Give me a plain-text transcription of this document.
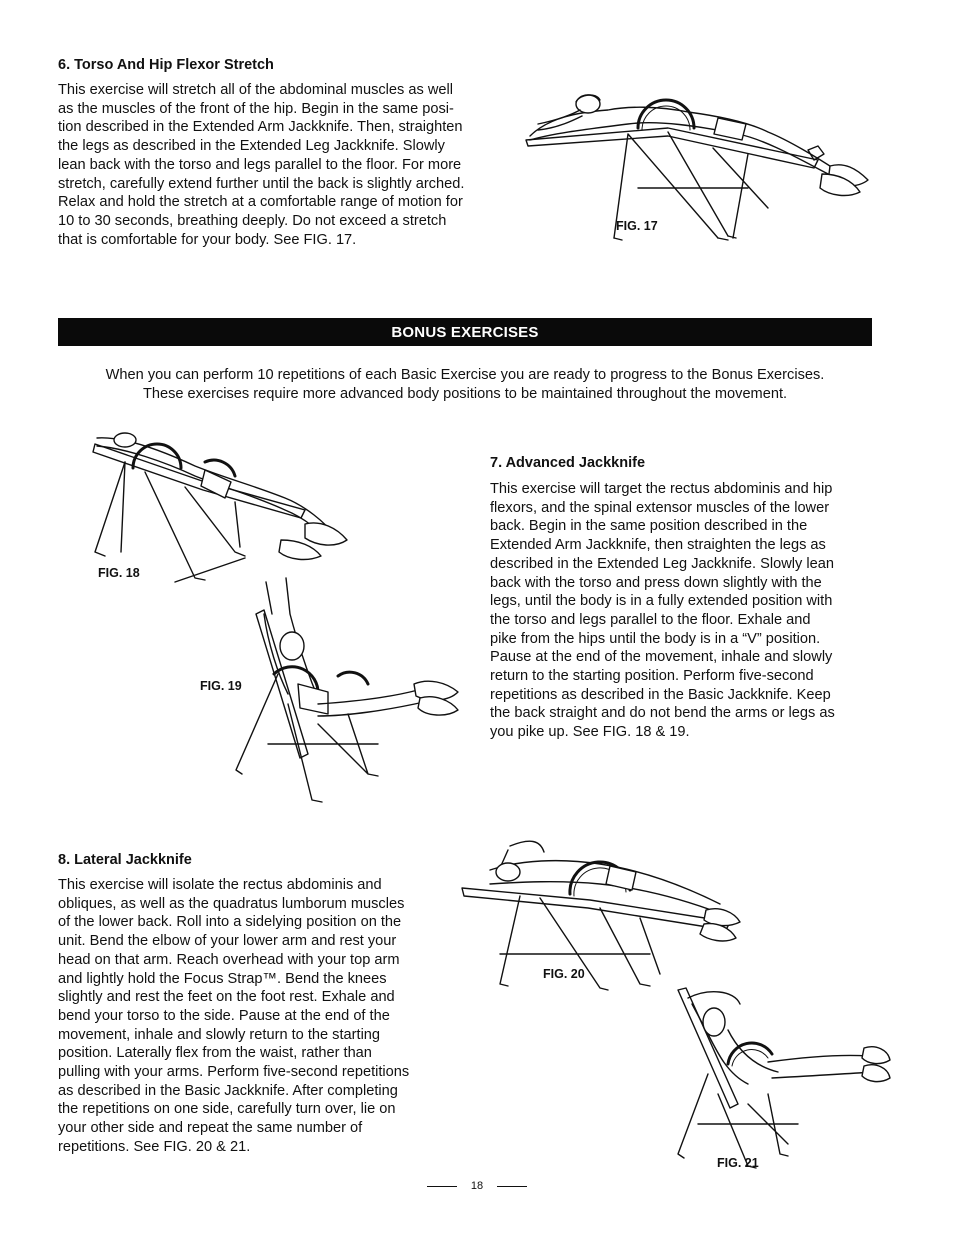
6. Torso And Hip Flexor Stretch

This exercise will stretch all of the abdominal muscles as well

as the muscles of the front of the hip. Begin in the same posi-

tion described in the Extended Arm Jackknife. Then, straighten

the legs as described in the Extended Leg Jackknife. Slowly

lean back with the torso and legs parallel to the floor. For more

stretch, carefully extend further until the back is slightly arched.

Relax and hold the stretch at a comfortable range of motion for

10 to 30 seconds, breathing deeply. Do not exceed a stretch

that is comfortable for your body. See FIG. 17.

FIG. 17
BONUS EXERCISES
When you can perform 10 repetitions of each Basic Exercise you are ready to progress to the Bonus Exercises.
These exercises require more advanced body positions to be maintained throughout the movement.
FIG. 18
FIG. 19
7. Advanced Jackknife

This exercise will target the rectus abdominis and hip

flexors, and the spinal extensor muscles of the lower

back. Begin in the same position described in the

Extended Arm Jackknife, then straighten the legs as

described in the Extended Leg Jackknife. Slowly lean

back with the torso and press down slightly with the

legs, until the body is in a fully extended position with

the torso and legs parallel to the floor. Exhale and

pike from the hips until the body is in a “V” position.

Pause at the end of the movement, inhale and slowly

return to the starting position. Perform five-second

repetitions as described in the Basic Jackknife. Keep

the back straight and do not bend the arms or legs as

you pike up. See FIG. 18 & 19.

8. Lateral Jackknife

This exercise will isolate the rectus abdominis and

obliques, as well as the quadratus lumborum muscles

of the lower back. Roll into a sidelying position on the

unit. Bend the elbow of your lower arm and rest your

head on that arm. Reach overhead with your top arm

and lightly hold the Focus Strap™. Bend the knees

slightly and rest the feet on the foot rest. Exhale and

bend your torso to the side. Pause at the end of the

movement, inhale and slowly return to the starting

position. Laterally flex from the waist, rather than

pulling with your arms. Perform five-second repetitions

as described in the Basic Jackknife. After completing

the repetitions on one side, carefully turn over, lie on

your other side and repeat the same number of

repetitions. See FIG. 20 & 21.

FIG. 20
FIG. 21
18
